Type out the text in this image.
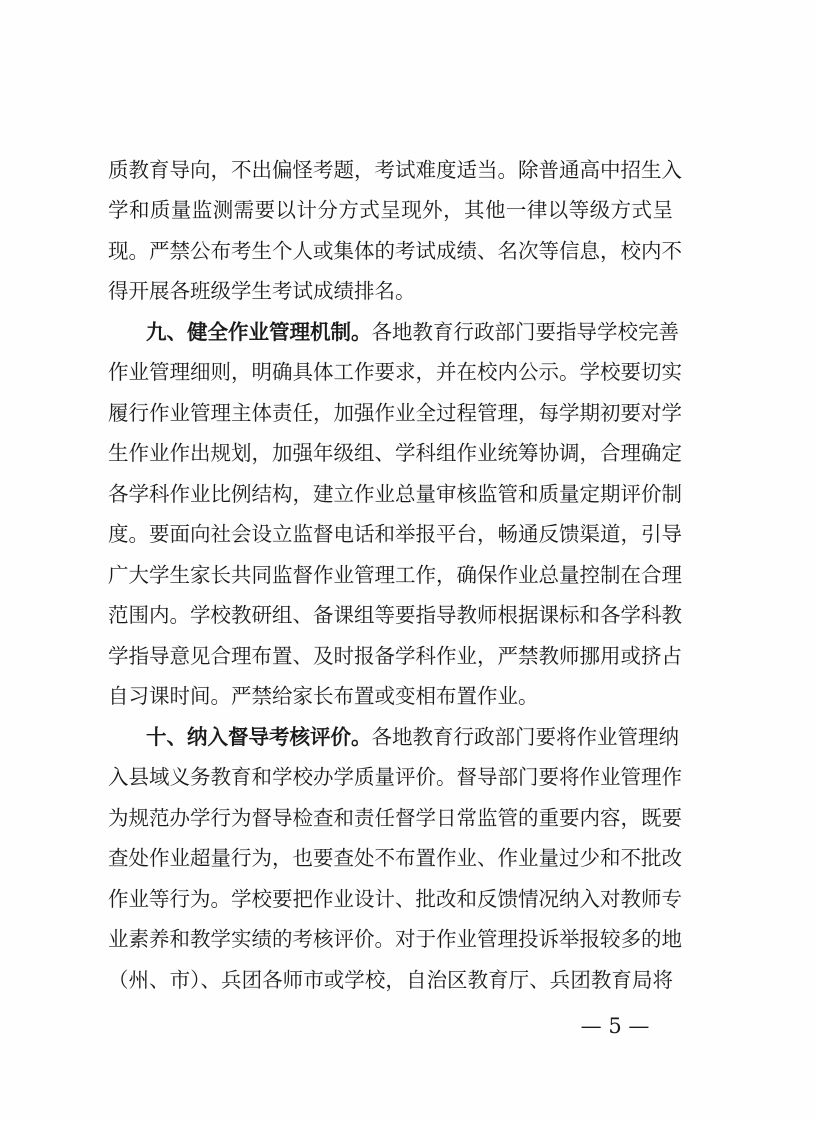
质教育导向，不出偏怪考题，考试难度适当。除普通高中招生入
学和质量监测需要以计分方式呈现外，其他一律以等级方式呈
现。严禁公布考生个人或集体的考试成绩、名次等信息，校内不
得开展各班级学生考试成绩排名。
九、健全作业管理机制。各地教育行政部门要指导学校完善
作业管理细则，明确具体工作要求，并在校内公示。学校要切实
履行作业管理主体责任，加强作业全过程管理，每学期初要对学
生作业作出规划，加强年级组、学科组作业统筹协调，合理确定
各学科作业比例结构，建立作业总量审核监管和质量定期评价制
度。要面向社会设立监督电话和举报平台，畅通反馈渠道，引导
广大学生家长共同监督作业管理工作，确保作业总量控制在合理
范围内。学校教研组、备课组等要指导教师根据课标和各学科教
学指导意见合理布置、及时报备学科作业，严禁教师挪用或挤占
自习课时间。严禁给家长布置或变相布置作业。
十、纳入督导考核评价。各地教育行政部门要将作业管理纳
入县域义务教育和学校办学质量评价。督导部门要将作业管理作
为规范办学行为督导检查和责任督学日常监管的重要内容，既要
查处作业超量行为，也要查处不布置作业、作业量过少和不批改
作业等行为。学校要把作业设计、批改和反馈情况纳入对教师专
业素养和教学实绩的考核评价。对于作业管理投诉举报较多的地
（州、市）、兵团各师市或学校，自治区教育厅、兵团教育局将
— 5 —
